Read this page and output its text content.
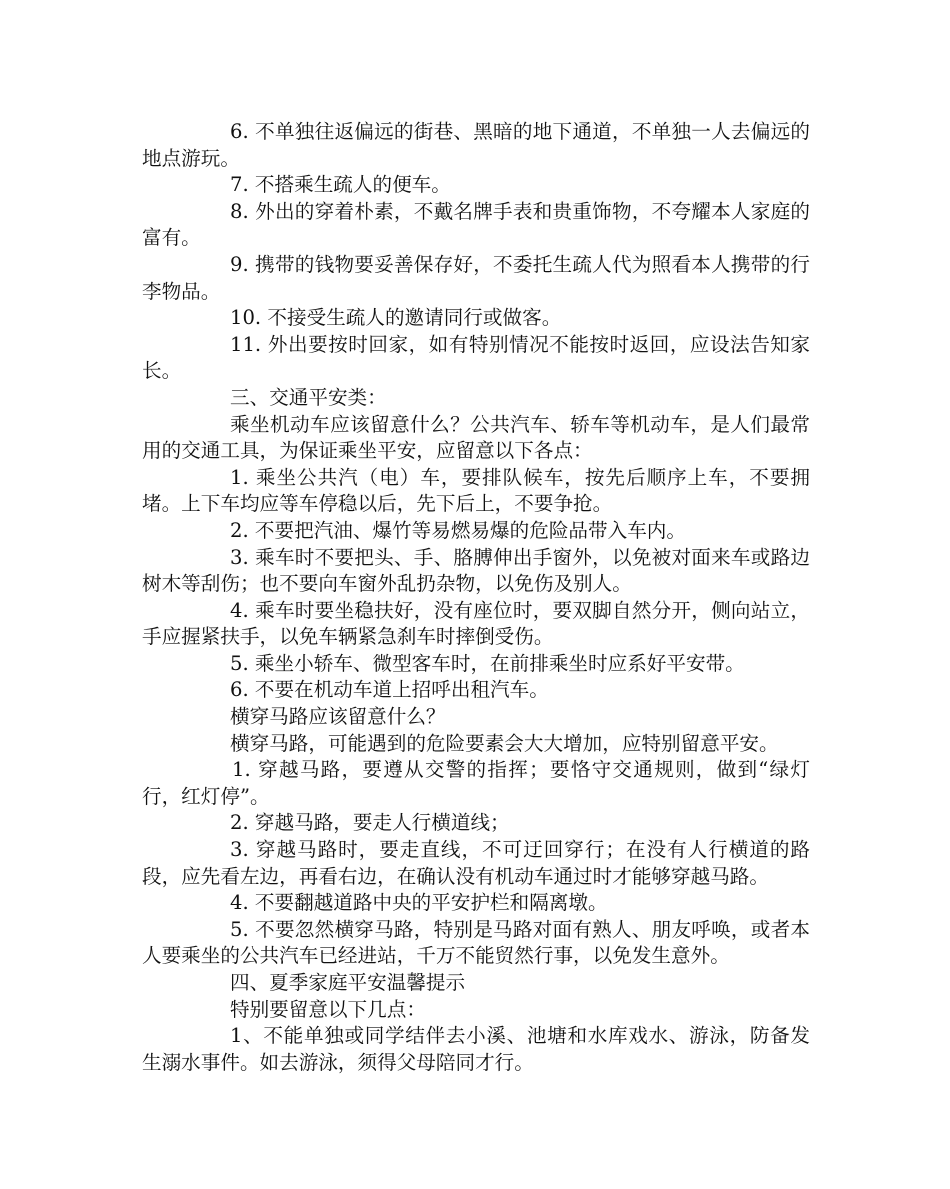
6. 不单独往返偏远的街巷、黑暗的地下通道，不单独一人去偏远的地点游玩。

7. 不搭乘生疏人的便车。

8. 外出的穿着朴素，不戴名牌手表和贵重饰物，不夸耀本人家庭的富有。

9. 携带的钱物要妥善保存好，不委托生疏人代为照看本人携带的行李物品。

10. 不接受生疏人的邀请同行或做客。

11. 外出要按时回家，如有特别情况不能按时返回，应设法告知家长。

三、交通平安类：

乘坐机动车应该留意什么？公共汽车、轿车等机动车，是人们最常用的交通工具，为保证乘坐平安，应留意以下各点：

1. 乘坐公共汽（电）车，要排队候车，按先后顺序上车，不要拥堵。上下车均应等车停稳以后，先下后上，不要争抢。

2. 不要把汽油、爆竹等易燃易爆的危险品带入车内。

3. 乘车时不要把头、手、胳膊伸出手窗外，以免被对面来车或路边树木等刮伤；也不要向车窗外乱扔杂物，以免伤及别人。

4. 乘车时要坐稳扶好，没有座位时，要双脚自然分开，侧向站立，手应握紧扶手，以免车辆紧急刹车时摔倒受伤。

5. 乘坐小轿车、微型客车时，在前排乘坐时应系好平安带。

6. 不要在机动车道上招呼出租汽车。

横穿马路应该留意什么？

横穿马路，可能遇到的危险要素会大大增加，应特别留意平安。

1. 穿越马路，要遵从交警的指挥；要恪守交通规则，做到“绿灯行，红灯停”。

2. 穿越马路，要走人行横道线；

3. 穿越马路时，要走直线，不可迂回穿行；在没有人行横道的路段，应先看左边，再看右边，在确认没有机动车通过时才能够穿越马路。

4. 不要翻越道路中央的平安护栏和隔离墩。

5. 不要忽然横穿马路，特别是马路对面有熟人、朋友呼唤，或者本人要乘坐的公共汽车已经进站，千万不能贸然行事，以免发生意外。

四、夏季家庭平安温馨提示

特别要留意以下几点：

1、不能单独或同学结伴去小溪、池塘和水库戏水、游泳，防备发生溺水事件。如去游泳，须得父母陪同才行。
